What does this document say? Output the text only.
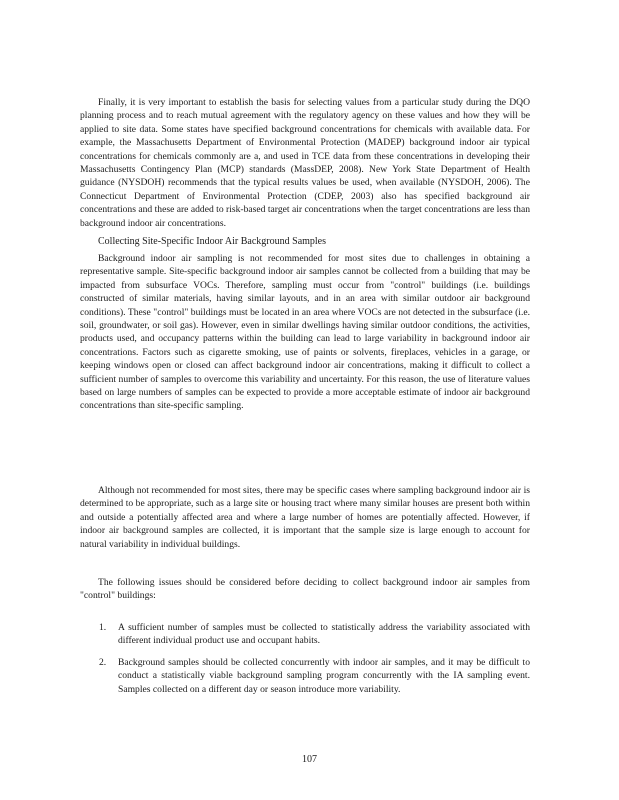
Finally, it is very important to establish the basis for selecting values from a particular study during the DQO planning process and to reach mutual agreement with the regulatory agency on these values and how they will be applied to site data. Some states have specified background concentrations for chemicals with available data. For example, the Massachusetts Department of Environmental Protection (MADEP) background indoor air typical concentrations for chemicals commonly are a, and used in TCE data from these concentrations in developing their Massachusetts Contingency Plan (MCP) standards (MassDEP, 2008). New York State Department of Health guidance (NYSDOH) recommends that the typical results values be used, when available (NYSDOH, 2006). The Connecticut Department of Environmental Protection (CDEP, 2003) also has specified background air concentrations and these are added to risk-based target air concentrations when the target concentrations are less than background indoor air concentrations.

Collecting Site-Specific Indoor Air Background Samples

Background indoor air sampling is not recommended for most sites due to challenges in obtaining a representative sample. Site-specific background indoor air samples cannot be collected from a building that may be impacted from subsurface VOCs. Therefore, sampling must occur from "control" buildings (i.e. buildings constructed of similar materials, having similar layouts, and in an area with similar outdoor air background conditions). These "control" buildings must be located in an area where VOCs are not detected in the subsurface (i.e. soil, groundwater, or soil gas). However, even in similar dwellings having similar outdoor conditions, the activities, products used, and occupancy patterns within the building can lead to large variability in background indoor air concentrations. Factors such as cigarette smoking, use of paints or solvents, fireplaces, vehicles in a garage, or keeping windows open or closed can affect background indoor air concentrations, making it difficult to collect a sufficient number of samples to overcome this variability and uncertainty. For this reason, the use of literature values based on large numbers of samples can be expected to provide a more acceptable estimate of indoor air background concentrations than site-specific sampling.

Although not recommended for most sites, there may be specific cases where sampling background indoor air is determined to be appropriate, such as a large site or housing tract where many similar houses are present both within and outside a potentially affected area and where a large number of homes are potentially affected. However, if indoor air background samples are collected, it is important that the sample size is large enough to account for natural variability in individual buildings.

The following issues should be considered before deciding to collect background indoor air samples from "control" buildings:

1. A sufficient number of samples must be collected to statistically address the variability associated with different individual product use and occupant habits.
2. Background samples should be collected concurrently with indoor air samples, and it may be difficult to conduct a statistically viable background sampling program concurrently with the IA sampling event. Samples collected on a different day or season introduce more variability.
107
